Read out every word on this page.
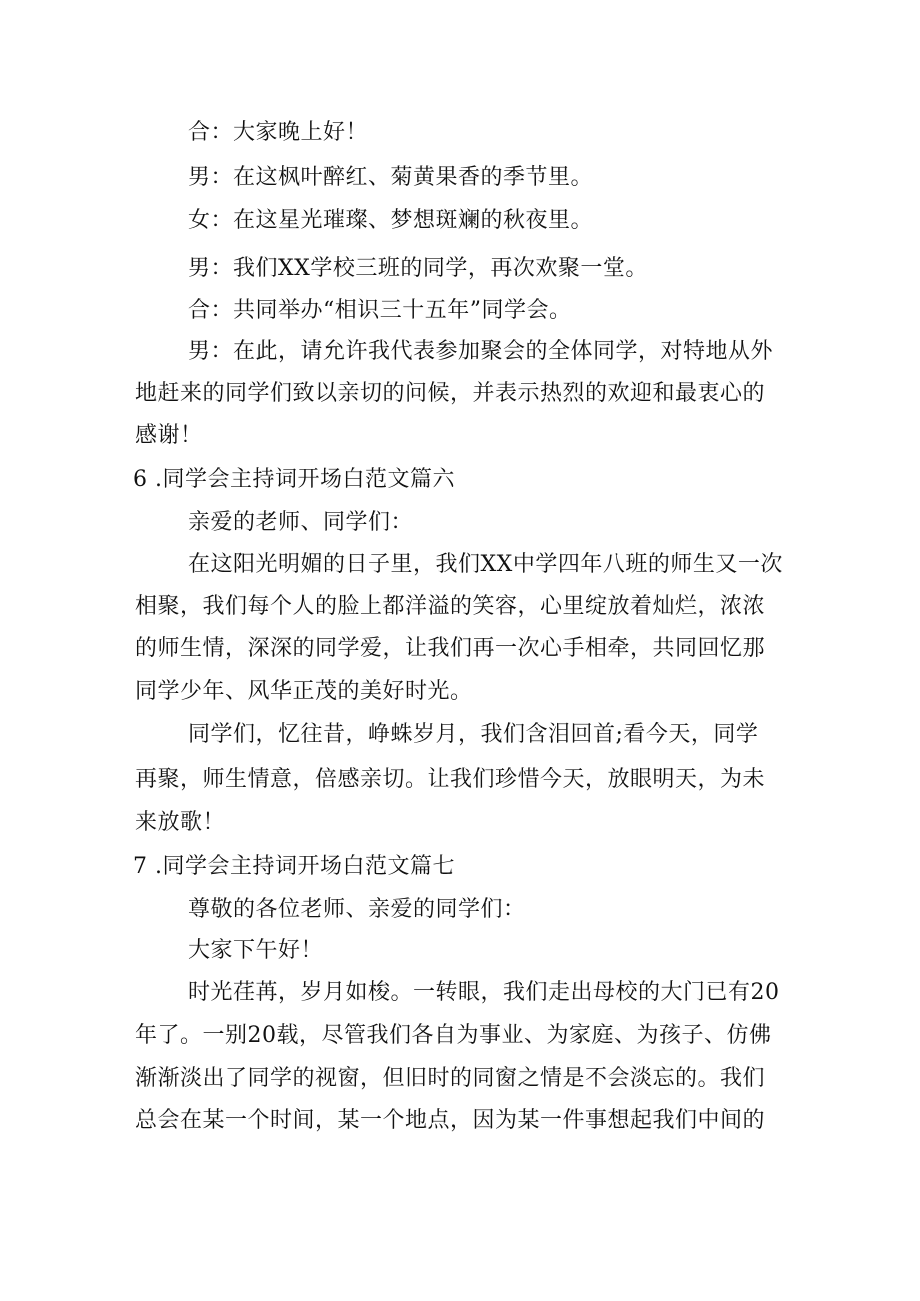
合：大家晚上好！
男：在这枫叶醉红、菊黄果香的季节里。
女：在这星光璀璨、梦想斑斓的秋夜里。
男：我们XX学校三班的同学，再次欢聚一堂。
合：共同举办“相识三十五年”同学会。
男：在此，请允许我代表参加聚会的全体同学，对特地从外
地赶来的同学们致以亲切的问候，并表示热烈的欢迎和最衷心的
感谢！
6 .同学会主持词开场白范文篇六
亲爱的老师、同学们：
在这阳光明媚的日子里，我们XX中学四年八班的师生又一次
相聚，我们每个人的脸上都洋溢的笑容，心里绽放着灿烂，浓浓
的师生情，深深的同学爱，让我们再一次心手相牵，共同回忆那
同学少年、风华正茂的美好时光。
同学们，忆往昔，峥蛛岁月，我们含泪回首;看今天，同学
再聚，师生情意，倍感亲切。让我们珍惜今天，放眼明天，为未
来放歌！
7 .同学会主持词开场白范文篇七
尊敬的各位老师、亲爱的同学们：
大家下午好！
时光荏苒，岁月如梭。一转眼，我们走出母校的大门已有20
年了。一别20载，尽管我们各自为事业、为家庭、为孩子、仿佛
渐渐淡出了同学的视窗，但旧时的同窗之情是不会淡忘的。我们
总会在某一个时间，某一个地点，因为某一件事想起我们中间的
